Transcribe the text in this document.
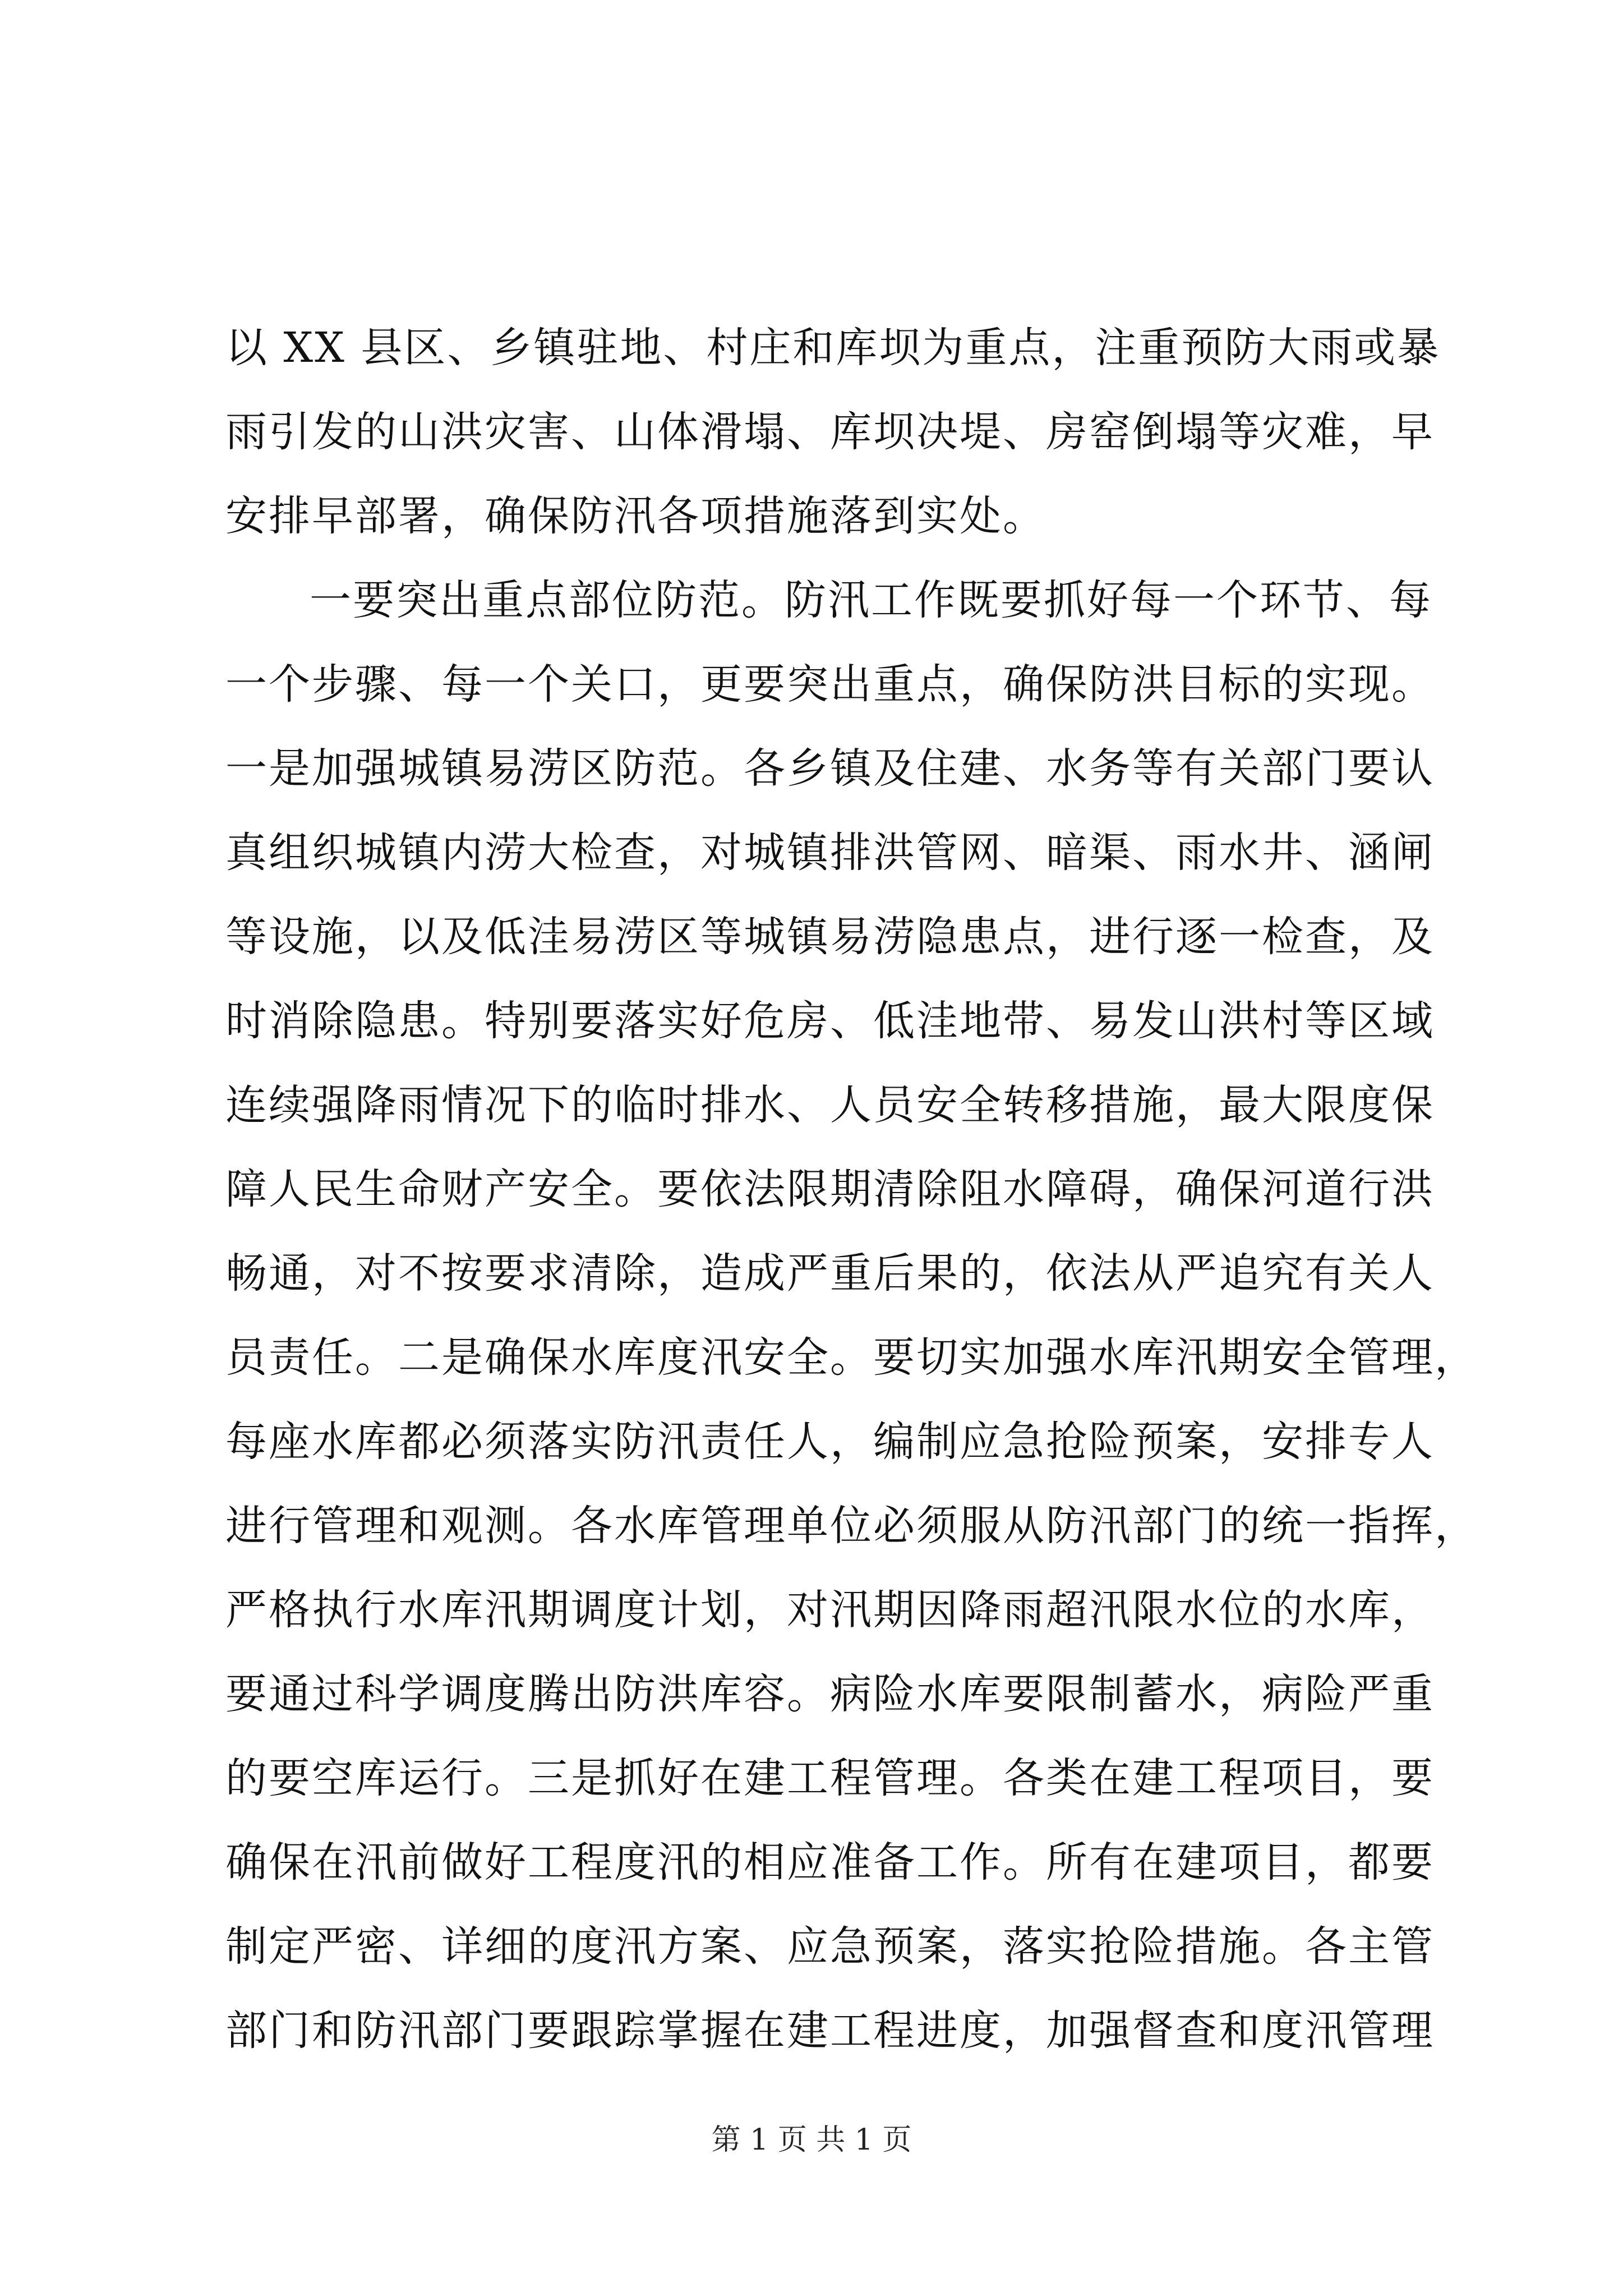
以 XX 县区、乡镇驻地、村庄和库坝为重点，注重预防大雨或暴
雨引发的山洪灾害、山体滑塌、库坝决堤、房窑倒塌等灾难，早
安排早部署，确保防汛各项措施落到实处。
一要突出重点部位防范。防汛工作既要抓好每一个环节、每
一个步骤、每一个关口，更要突出重点，确保防洪目标的实现。
一是加强城镇易涝区防范。各乡镇及住建、水务等有关部门要认
真组织城镇内涝大检查，对城镇排洪管网、暗渠、雨水井、涵闸
等设施，以及低洼易涝区等城镇易涝隐患点，进行逐一检查，及
时消除隐患。特别要落实好危房、低洼地带、易发山洪村等区域
连续强降雨情况下的临时排水、人员安全转移措施，最大限度保
障人民生命财产安全。要依法限期清除阻水障碍，确保河道行洪
畅通，对不按要求清除，造成严重后果的，依法从严追究有关人
员责任。二是确保水库度汛安全。要切实加强水库汛期安全管理，
每座水库都必须落实防汛责任人，编制应急抢险预案，安排专人
进行管理和观测。各水库管理单位必须服从防汛部门的统一指挥，
严格执行水库汛期调度计划，对汛期因降雨超汛限水位的水库，
要通过科学调度腾出防洪库容。病险水库要限制蓄水，病险严重
的要空库运行。三是抓好在建工程管理。各类在建工程项目，要
确保在汛前做好工程度汛的相应准备工作。所有在建项目，都要
制定严密、详细的度汛方案、应急预案，落实抢险措施。各主管
部门和防汛部门要跟踪掌握在建工程进度，加强督查和度汛管理
第 1 页 共 1 页
